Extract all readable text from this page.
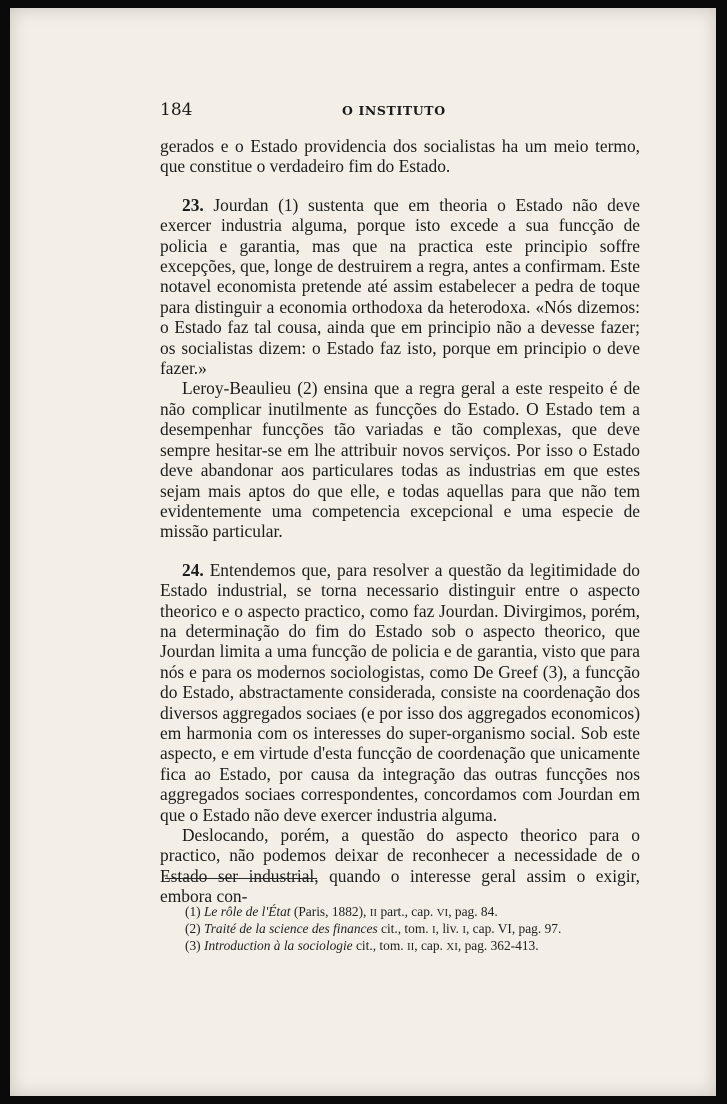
184	O INSTITUTO

gerados e o Estado providencia dos socialistas ha um meio termo, que constitue o verdadeiro fim do Estado.

23. Jourdan (1) sustenta que em theoria o Estado não deve exercer industria alguma, porque isto excede a sua funcção de policia e garantia, mas que na practica este principio soffre excepções, que, longe de destruirem a regra, antes a confirmam. Este notavel economista pretende até assim estabelecer a pedra de toque para distinguir a economia orthodoxa da heterodoxa. «Nós dizemos: o Estado faz tal cousa, ainda que em principio não a devesse fazer; os socialistas dizem: o Estado faz isto, porque em principio o deve fazer.»

Leroy-Beaulieu (2) ensina que a regra geral a este respeito é de não complicar inutilmente as funcções do Estado. O Estado tem a desempenhar funcções tão variadas e tão complexas, que deve sempre hesitar-se em lhe attribuir novos serviços. Por isso o Estado deve abandonar aos particulares todas as industrias em que estes sejam mais aptos do que elle, e todas aquellas para que não tem evidentemente uma competencia excepcional e uma especie de missão particular.

24. Entendemos que, para resolver a questão da legitimidade do Estado industrial, se torna necessario distinguir entre o aspecto theorico e o aspecto practico, como faz Jourdan. Divirgimos, porém, na determinação do fim do Estado sob o aspecto theorico, que Jourdan limita a uma funcção de policia e de garantia, visto que para nós e para os modernos sociologistas, como De Greef (3), a funcção do Estado, abstractamente considerada, consiste na coordenação dos diversos aggregados sociaes (e por isso dos aggregados economicos) em harmonia com os interesses do super-organismo social. Sob este aspecto, e em virtude d'esta funcção de coordenação que unicamente fica ao Estado, por causa da integração das outras funcções nos aggregados sociaes correspondentes, concordamos com Jourdan em que o Estado não deve exercer industria alguma.

Deslocando, porém, a questão do aspecto theorico para o practico, não podemos deixar de reconhecer a necessidade de o Estado ser industrial, quando o interesse geral assim o exigir, embora con-

(1) Le rôle de l'État (Paris, 1882), II part., cap. VI, pag. 84.

(2) Traité de la science des finances cit., tom. I, liv. I, cap. VI, pag. 97.

(3) Introduction à la sociologie cit., tom. II, cap. XI, pag. 362-413.
